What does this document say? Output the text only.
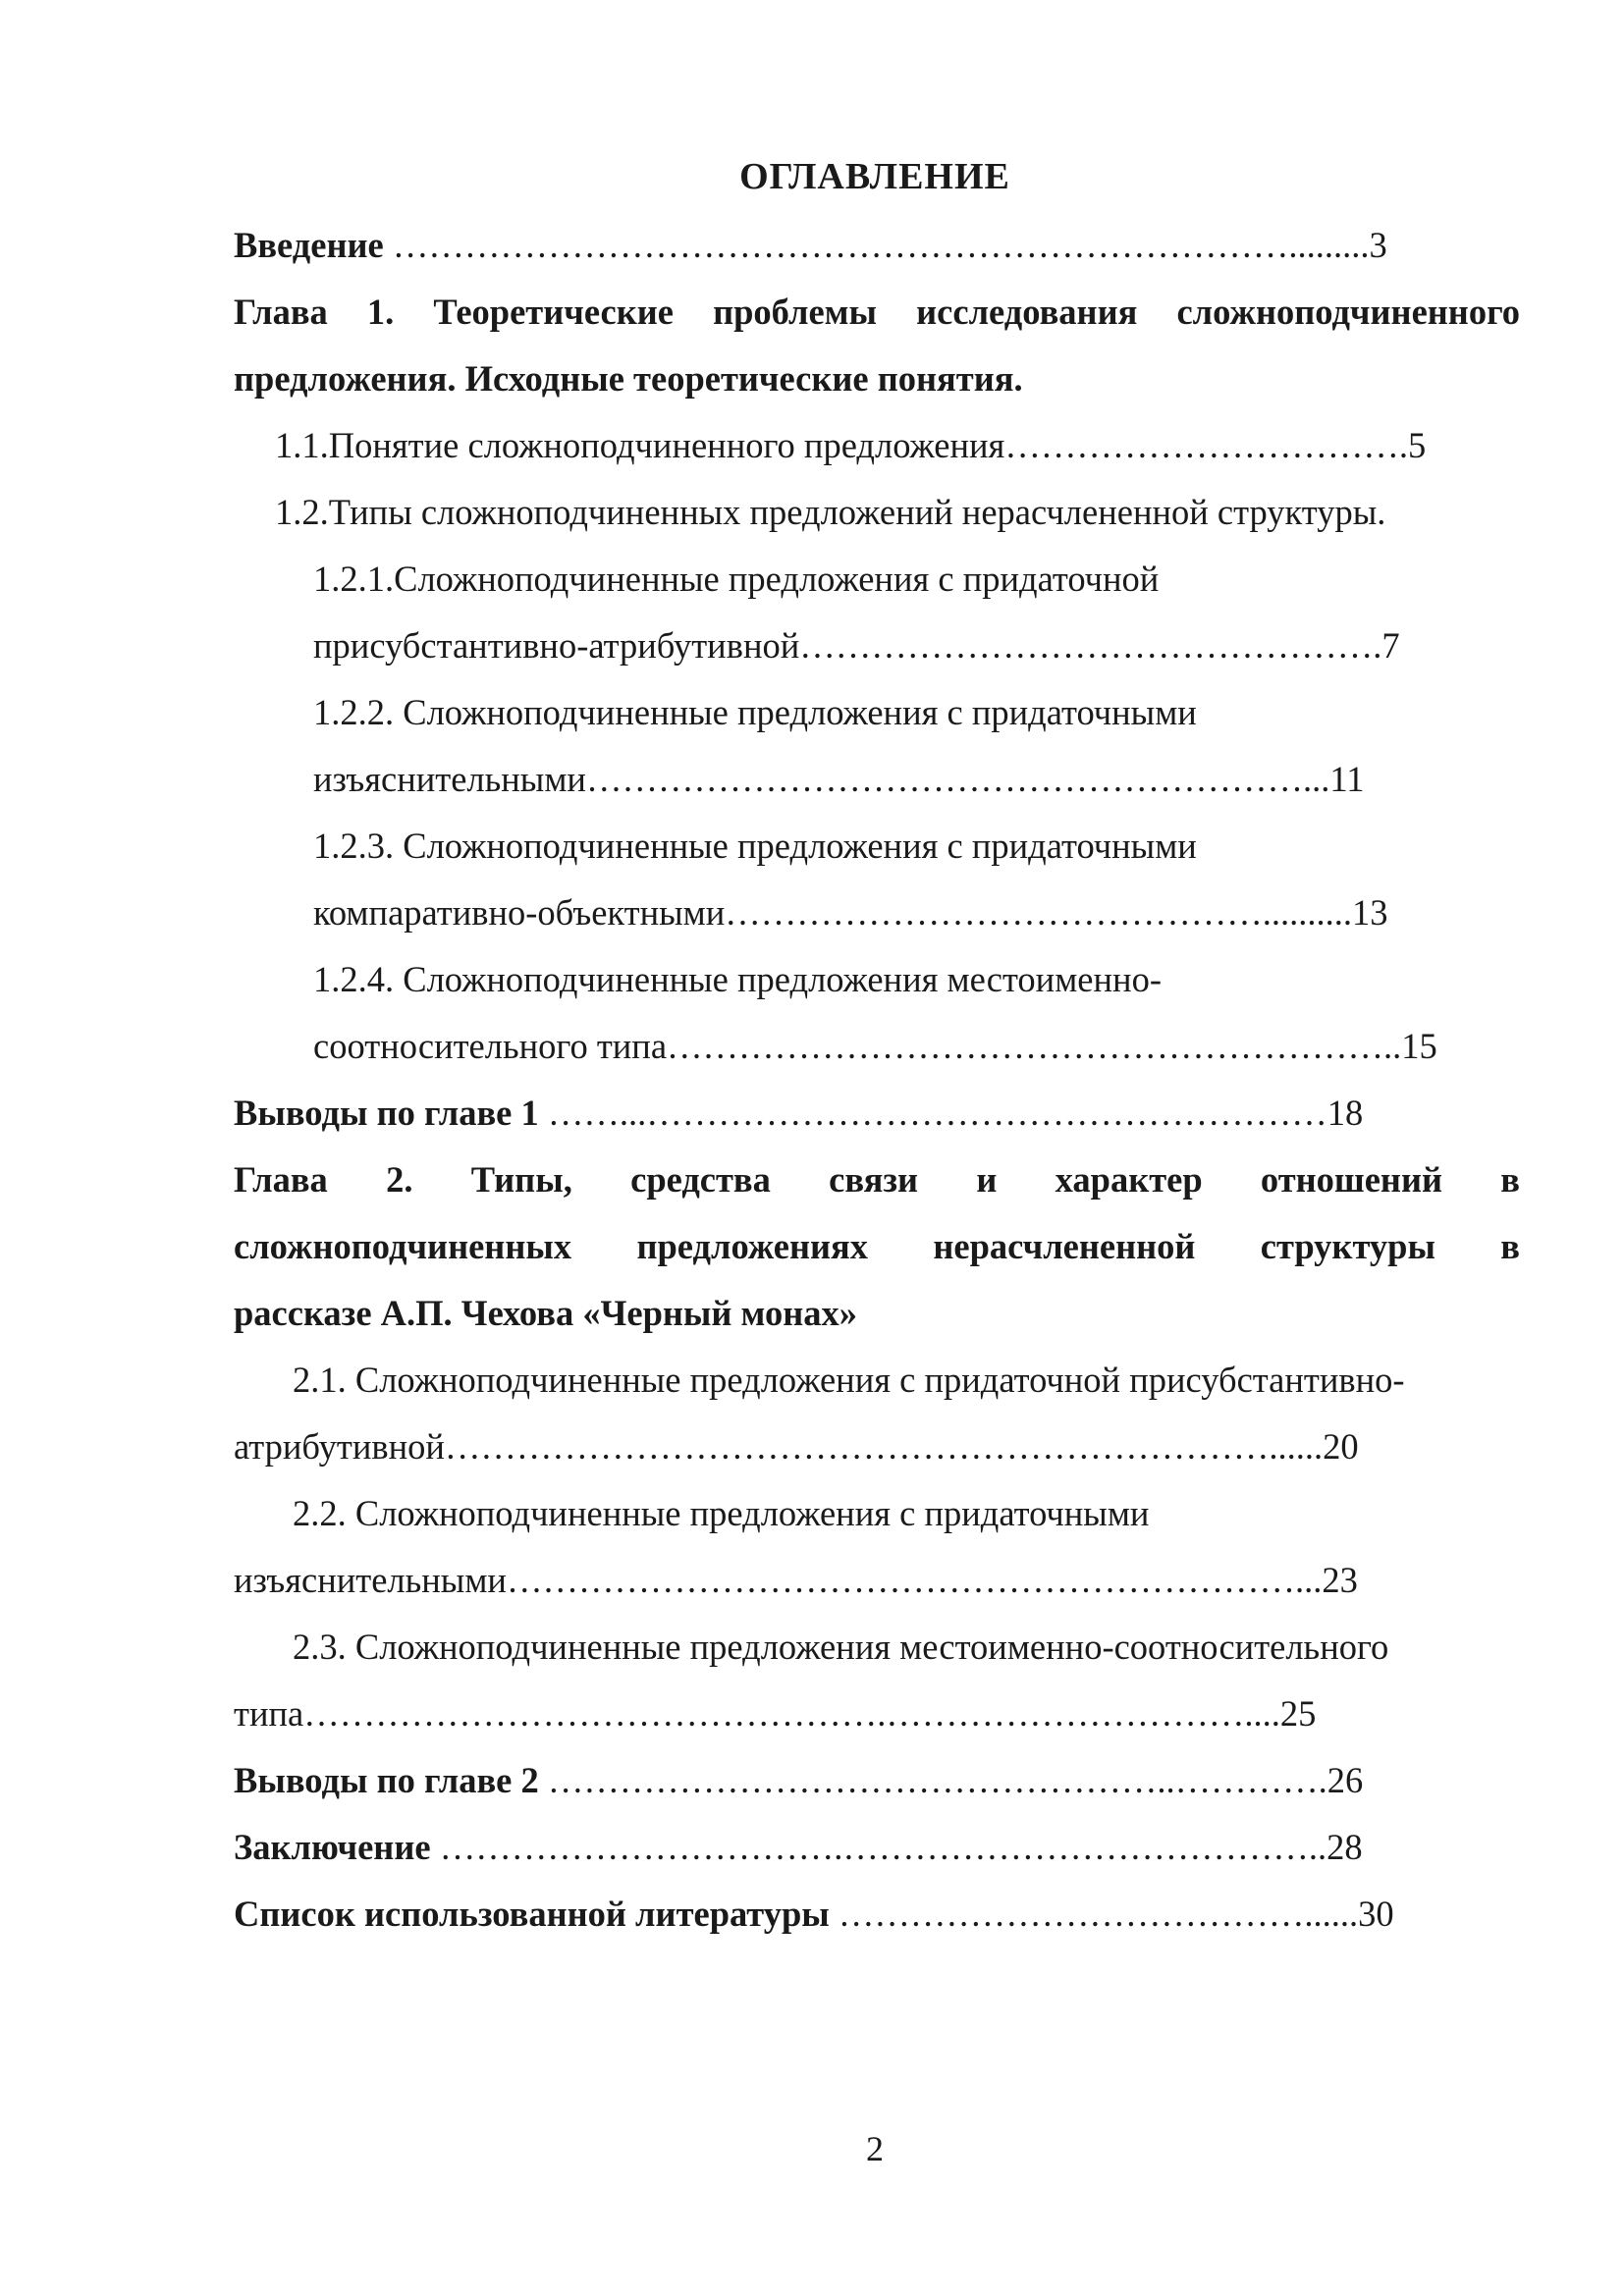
ОГЛАВЛЕНИЕ
Введение ………………………………………………………………….........3
Глава 1. Теоретические проблемы исследования сложноподчиненного
предложения. Исходные теоретические понятия.
1.1.Понятие сложноподчиненного предложения…………………………….5
1.2.Типы сложноподчиненных предложений нерасчлененной структуры.
1.2.1.Сложноподчиненные предложения с придаточной
присубстантивно-атрибутивной………………………………………….7
1.2.2. Сложноподчиненные предложения с придаточными
изъяснительными……………………………………………………...11
1.2.3. Сложноподчиненные предложения с придаточными
компаративно-объектными………………………………………..........13
1.2.4. Сложноподчиненные предложения местоименно-
соотносительного типа……………………………………………………..15
Выводы по главе 1 ……...…………………………………………………18
Глава 2. Типы, средства связи и характер отношений в
сложноподчиненных предложениях нерасчлененной структуры в
рассказе А.П. Чехова «Черный монах»
2.1. Сложноподчиненные предложения с придаточной присубстантивно-
атрибутивной……………………………………………………………......20
2.2. Сложноподчиненные предложения с придаточными
изъяснительными…………………………………………………………...23
2.3. Сложноподчиненные предложения местоименно-соотносительного
типа………………………………………….…………………………....25
Выводы по главе 2 ……………………………………………..………….26
Заключение …………………………….…………………………………..28
Список использованной литературы …………………………………......30
2
